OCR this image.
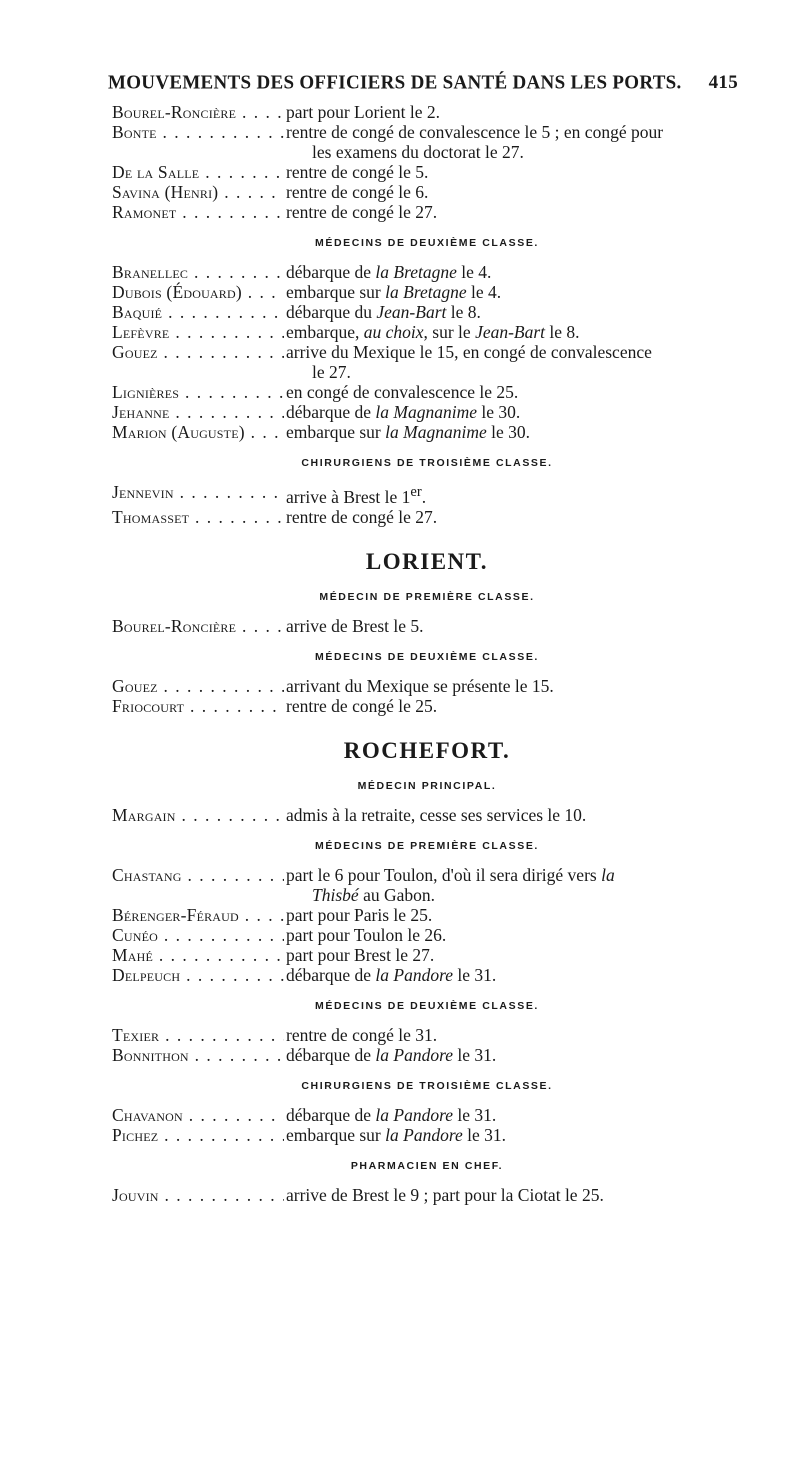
MOUVEMENTS DES OFFICIERS DE SANTÉ DANS LES PORTS. 415
Bourel-Roncière . . .	part pour Lorient le 2.
Bonte . . .	rentre de congé de convalescence le 5 ; en congé pour
les examens du doctorat le 27.
De la Salle . . .	rentre de congé le 5.
Savina (Henri) . . .	rentre de congé le 6.
Ramonet . . .	rentre de congé le 27.
MÉDECINS DE DEUXIÈME CLASSE.
Branellec . . .	débarque de la Bretagne le 4.
Dubois (Édouard) . . .	embarque sur la Bretagne le 4.
Baquié . . .	débarque du Jean-Bart le 8.
Lefèvre . . .	embarque, au choix, sur le Jean-Bart le 8.
Gouez . . .	arrive du Mexique le 15, en congé de convalescence
le 27.
Lignières . . .	en congé de convalescence le 25.
Jehanne . . .	débarque de la Magnanime le 30.
Marion (Auguste) . . .	embarque sur la Magnanime le 30.
CHIRURGIENS DE TROISIÈME CLASSE.
Jennevin . . .	arrive à Brest le 1er.
Thomasset . . .	rentre de congé le 27.
LORIENT.
MÉDECIN DE PREMIÈRE CLASSE.
Bourel-Roncière . . .	arrive de Brest le 5.
MÉDECINS DE DEUXIÈME CLASSE.
Gouez . . .	arrivant du Mexique se présente le 15.
Friocourt . . .	rentre de congé le 25.
ROCHEFORT.
MÉDECIN PRINCIPAL.
Margain . . .	admis à la retraite, cesse ses services le 10.
MÉDECINS DE PREMIÈRE CLASSE.
Chastang . . .	part le 6 pour Toulon, d'où il sera dirigé vers la
Thisbé au Gabon.
Bérenger-Féraud . . .	part pour Paris le 25.
Cunéo . . .	part pour Toulon le 26.
Mahé . . .	part pour Brest le 27.
Delpeuch . . .	débarque de la Pandore le 31.
MÉDECINS DE DEUXIÈME CLASSE.
Texier . . .	rentre de congé le 31.
Bonnithon . . .	débarque de la Pandore le 31.
CHIRURGIENS DE TROISIÈME CLASSE.
Chavanon . . .	débarque de la Pandore le 31.
Pichez . . .	embarque sur la Pandore le 31.
PHARMACIEN EN CHEF.
Jouvin . . .	arrive de Brest le 9 ; part pour la Ciotat le 25.
